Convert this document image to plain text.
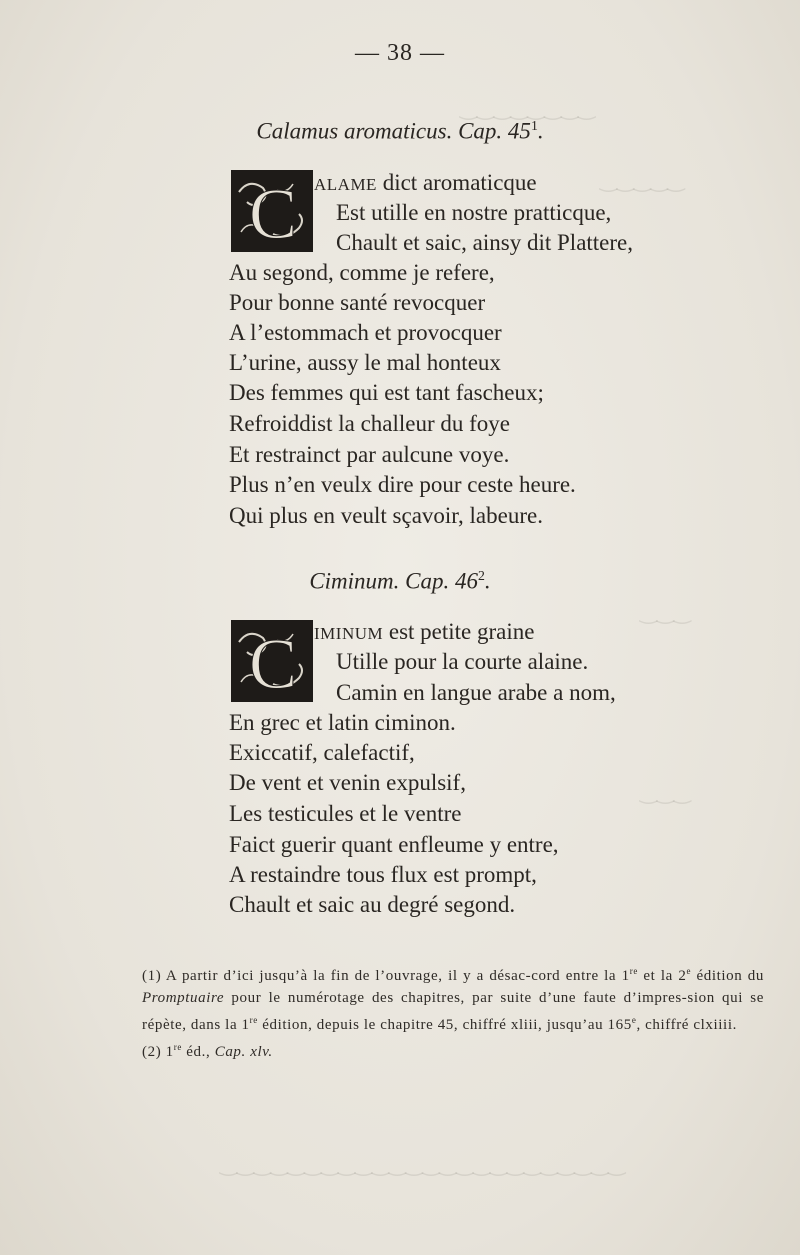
‿‿‿‿‿‿‿‿
‿‿‿‿‿
‿‿‿
‿‿‿
‿‿‿‿‿‿‿‿‿‿‿‿‿‿‿‿‿‿‿‿‿‿‿‿
— 38 —
Calamus aromaticus. Cap. $45^1$.
C ALAME dict aromaticque
Est utille en nostre pratticque,
Chault et saic, ainsy dit Plattere,
Au segond, comme je refere,
Pour bonne santé revocquer
A l’estommach et provocquer
L’urine, aussy le mal honteux
Des femmes qui est tant fascheux;
Refroiddist la challeur du foye
Et restrainct par aulcune voye.
Plus n’en veulx dire pour ceste heure.
Qui plus en veult sçavoir, labeure.
Ciminum. Cap. $46^2$.
C IMINUM est petite graine
Utille pour la courte alaine.
Camin en langue arabe a nom,
En grec et latin ciminon.
Exiccatif, calefactif,
De vent et venin expulsif,
Les testicules et le ventre
Faict guerir quant enfleume y entre,
A restaindre tous flux est prompt,
Chault et saic au degré segond.
(1) A partir d’ici jusqu’à la fin de l’ouvrage, il y a désac-cord entre la 1re et la 2e édition du Promptuaire pour le numérotage des chapitres, par suite d’une faute d’impres-sion qui se répète, dans la 1re édition, depuis le chapitre 45, chiffré xliii, jusqu’au 165e, chiffré clxiiii.
(2) 1re éd., Cap. xlv.
